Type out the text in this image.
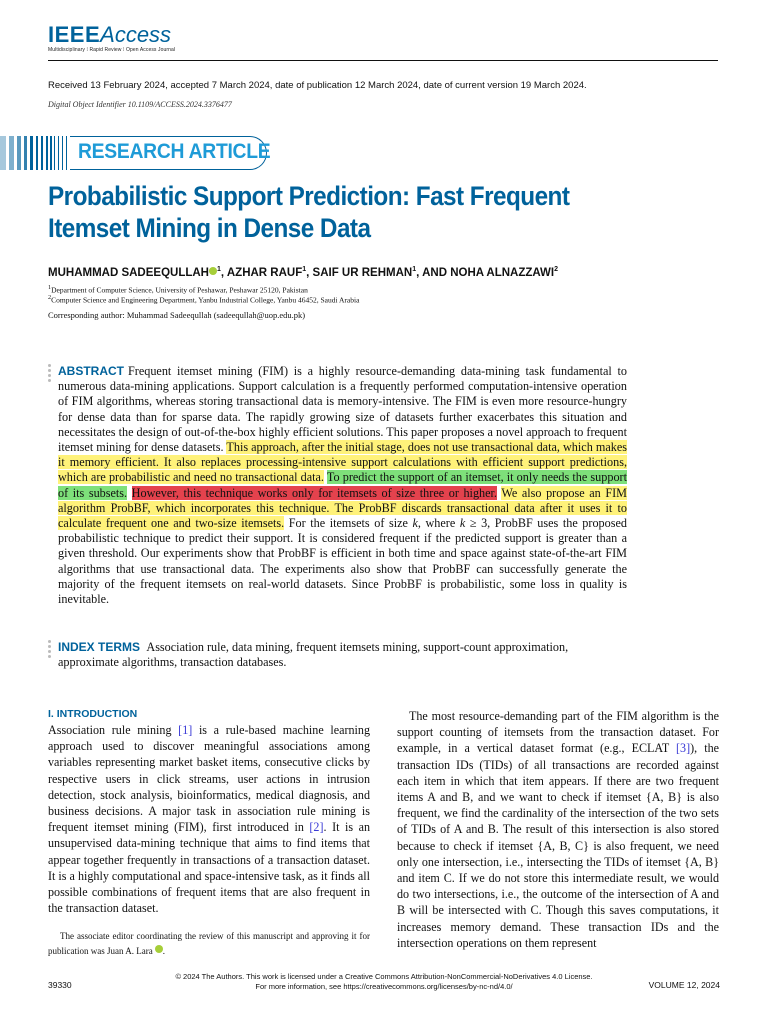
IEEEAccess
Multidisciplinary ⁞ Rapid Review ⁞ Open Access Journal
Received 13 February 2024, accepted 7 March 2024, date of publication 12 March 2024, date of current version 19 March 2024.
Digital Object Identifier 10.1109/ACCESS.2024.3376477
RESEARCH ARTICLE
Probabilistic Support Prediction: Fast Frequent
Itemset Mining in Dense Data
MUHAMMAD SADEEQULLAH $^1$, AZHAR RAUF$^1$, SAIF UR REHMAN$^1$, AND NOHA ALNAZZAWI$^2$
$^1$Department of Computer Science, University of Peshawar, Peshawar 25120, Pakistan
$^2$Computer Science and Engineering Department, Yanbu Industrial College, Yanbu 46452, Saudi Arabia
Corresponding author: Muhammad Sadeequllah (sadeequllah@uop.edu.pk)
ABSTRACT Frequent itemset mining (FIM) is a highly resource-demanding data-mining task fundamental to numerous data-mining applications. Support calculation is a frequently performed computation-intensive operation of FIM algorithms, whereas storing transactional data is memory-intensive. The FIM is even more resource-hungry for dense data than for sparse data. The rapidly growing size of datasets further exacerbates this situation and necessitates the design of out-of-the-box highly efficient solutions. This paper proposes a novel approach to frequent itemset mining for dense datasets. This approach, after the initial stage, does not use transactional data, which makes it memory efficient. It also replaces processing-intensive support calculations with efficient support predictions, which are probabilistic and need no transactional data. To predict the support of an itemset, it only needs the support of its subsets. However, this technique works only for itemsets of size three or higher. We also propose an FIM algorithm ProbBF, which incorporates this technique. The ProbBF discards transactional data after it uses it to calculate frequent one and two-size itemsets. For the itemsets of size k, where k ≥ 3, ProbBF uses the proposed probabilistic technique to predict their support. It is considered frequent if the predicted support is greater than a given threshold. Our experiments show that ProbBF is efficient in both time and space against state-of-the-art FIM algorithms that use transactional data. The experiments also show that ProbBF can successfully generate the majority of the frequent itemsets on real-world datasets. Since ProbBF is probabilistic, some loss in quality is inevitable.
INDEX TERMS Association rule, data mining, frequent itemsets mining, support-count approximation, approximate algorithms, transaction databases.
I. INTRODUCTION

Association rule mining [1] is a rule-based machine learning approach used to discover meaningful associations among variables representing market basket items, consecutive clicks by respective users in click streams, user actions in intrusion detection, stock analysis, bioinformatics, medical diagnosis, and business decisions. A major task in association rule mining is frequent itemset mining (FIM), first introduced in [2]. It is an unsupervised data-mining technique that aims to find items that appear together frequently in transactions of a transaction dataset. It is a highly computational and space-intensive task, as it finds all possible combinations of frequent items that are also frequent in the transaction dataset.

The most resource-demanding part of the FIM algorithm is the support counting of itemsets from the transaction dataset. For example, in a vertical dataset format (e.g., ECLAT [3]), the transaction IDs (TIDs) of all transactions are recorded against each item in which that item appears. If there are two frequent items A and B, and we want to check if itemset {A, B} is also frequent, we find the cardinality of the intersection of the two sets of TIDs of A and B. The result of this intersection is also stored because to check if itemset {A, B, C} is also frequent, we need only one intersection, i.e., intersecting the TIDs of itemset {A, B} and item C. If we do not store this intermediate result, we would do two intersections, i.e., the outcome of the intersection of A and B will be intersected with C. Though this saves computations, it increases memory demand. These transaction IDs and the intersection operations on them represent

The associate editor coordinating the review of this manuscript and approving it for publication was Juan A. Lara .
39330
© 2024 The Authors. This work is licensed under a Creative Commons Attribution-NonCommercial-NoDerivatives 4.0 License.
For more information, see https://creativecommons.org/licenses/by-nc-nd/4.0/	VOLUME 12, 2024
